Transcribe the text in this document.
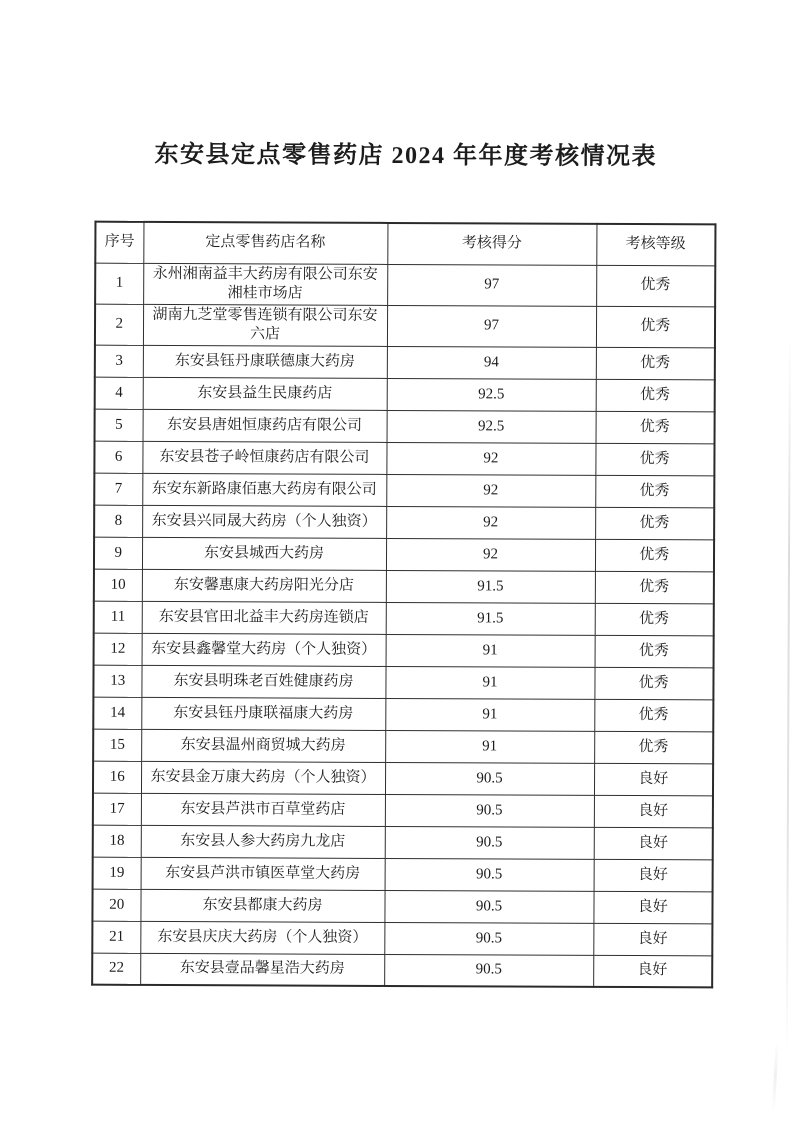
东安县定点零售药店 2024 年年度考核情况表
序号	定点零售药店名称	考核得分	考核等级
1	永州湘南益丰大药房有限公司东安湘桂市场店	97	优秀
2	湖南九芝堂零售连锁有限公司东安六店	97	优秀
3	东安县钰丹康联德康大药房	94	优秀
4	东安县益生民康药店	92.5	优秀
5	东安县唐姐恒康药店有限公司	92.5	优秀
6	东安县苍子岭恒康药店有限公司	92	优秀
7	东安东新路康佰惠大药房有限公司	92	优秀
8	东安县兴同晟大药房（个人独资）	92	优秀
9	东安县城西大药房	92	优秀
10	东安馨惠康大药房阳光分店	91.5	优秀
11	东安县官田北益丰大药房连锁店	91.5	优秀
12	东安县鑫馨堂大药房（个人独资）	91	优秀
13	东安县明珠老百姓健康药房	91	优秀
14	东安县钰丹康联福康大药房	91	优秀
15	东安县温州商贸城大药房	91	优秀
16	东安县金万康大药房（个人独资）	90.5	良好
17	东安县芦洪市百草堂药店	90.5	良好
18	东安县人参大药房九龙店	90.5	良好
19	东安县芦洪市镇医草堂大药房	90.5	良好
20	东安县都康大药房	90.5	良好
21	东安县庆庆大药房（个人独资）	90.5	良好
22	东安县壹品馨星浩大药房	90.5	良好
